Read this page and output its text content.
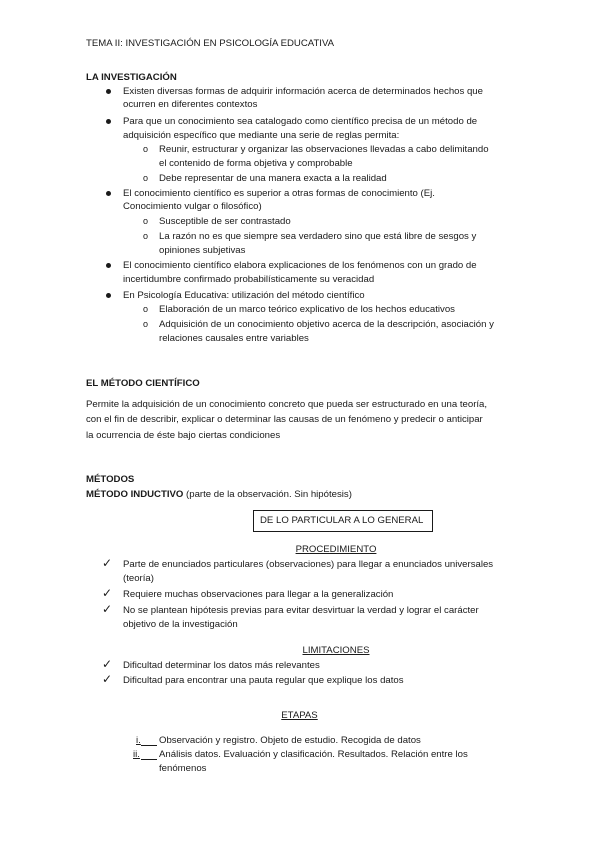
TEMA II: INVESTIGACIÓN EN PSICOLOGÍA EDUCATIVA
LA INVESTIGACIÓN
Existen diversas formas de adquirir información acerca de determinados hechos que
ocurren en diferentes contextos
Para que un conocimiento sea catalogado como científico precisa de un método de
adquisición específico que mediante una serie de reglas permita:
o Reunir, estructurar y organizar las observaciones llevadas a cabo delimitando
el contenido de forma objetiva y comprobable
o Debe representar de una manera exacta a la realidad
El conocimiento científico es superior a otras formas de conocimiento (Ej.
Conocimiento vulgar o filosófico)
o Susceptible de ser contrastado
o La razón no es que siempre sea verdadero sino que está libre de sesgos y
opiniones subjetivas
El conocimiento científico elabora explicaciones de los fenómenos con un grado de
incertidumbre confirmado probabilísticamente su veracidad
En Psicología Educativa: utilización del método científico
o Elaboración de un marco teórico explicativo de los hechos educativos
o Adquisición de un conocimiento objetivo acerca de la descripción, asociación y
relaciones causales entre variables
EL MÉTODO CIENTÍFICO
Permite la adquisición de un conocimiento concreto que pueda ser estructurado en una teoría,
con el fin de describir, explicar o determinar las causas de un fenómeno y predecir o anticipar
la ocurrencia de éste bajo ciertas condiciones
MÉTODOS
MÉTODO INDUCTIVO (parte de la observación. Sin hipótesis)
DE LO PARTICULAR A LO GENERAL
PROCEDIMIENTO
✓ Parte de enunciados particulares (observaciones) para llegar a enunciados universales
(teoría)
✓ Requiere muchas observaciones para llegar a la generalización
✓ No se plantean hipótesis previas para evitar desvirtuar la verdad y lograr el carácter
objetivo de la investigación
LIMITACIONES
✓ Dificultad determinar los datos más relevantes
✓ Dificultad para encontrar una pauta regular que explique los datos
ETAPAS
i.	Observación y registro. Objeto de estudio. Recogida de datos
ii.	Análisis datos. Evaluación y clasificación. Resultados. Relación entre los
fenómenos
